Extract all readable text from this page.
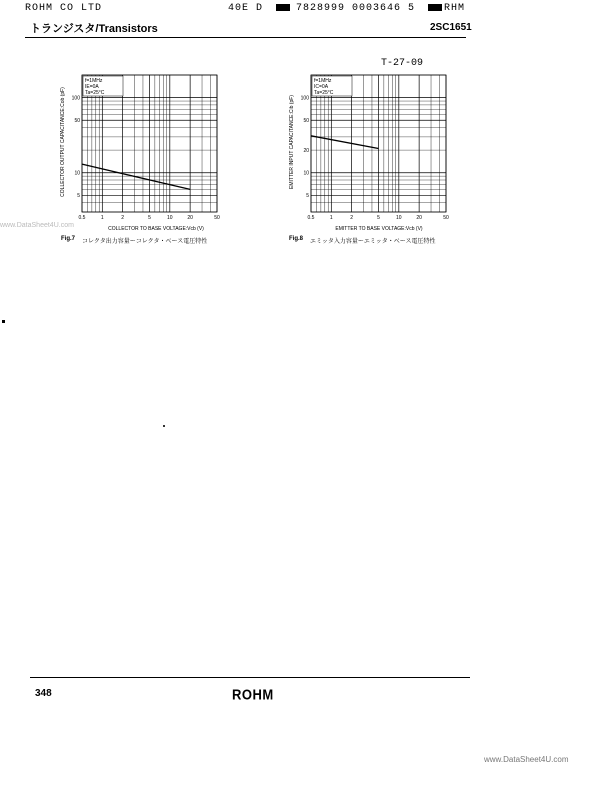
ROHM CO LTD	40E D	7828999 0003646 5	RHM
トランジスタ/Transistors	2SC1651
T-27-09
COLLECTOR OUTPUT CAPACITANCE:Cob (pF) 5
10
50
100
0.5	1	2	5	10	20	50
f=1MHz
IE=0A
Ta=25°C
COLLECTOR TO BASE VOLTAGE:Vcb (V)
Fig.7 コレクタ出力容量ーコレクタ・ベース電圧特性
EMITTER INPUT CAPACITANCE:Cib (pF)
5
10
20
50
100
0.5	1	2	5	10	20	50
f=1MHz
IC=0A
Ta=25°C
EMITTER TO BASE VOLTAGE:Vcb (V)
Fig.8 エミッタ入力容量ーエミッタ・ベース電圧特性
www.DataSheet4U.com
348	ROHM
www.DataSheet4U.com
